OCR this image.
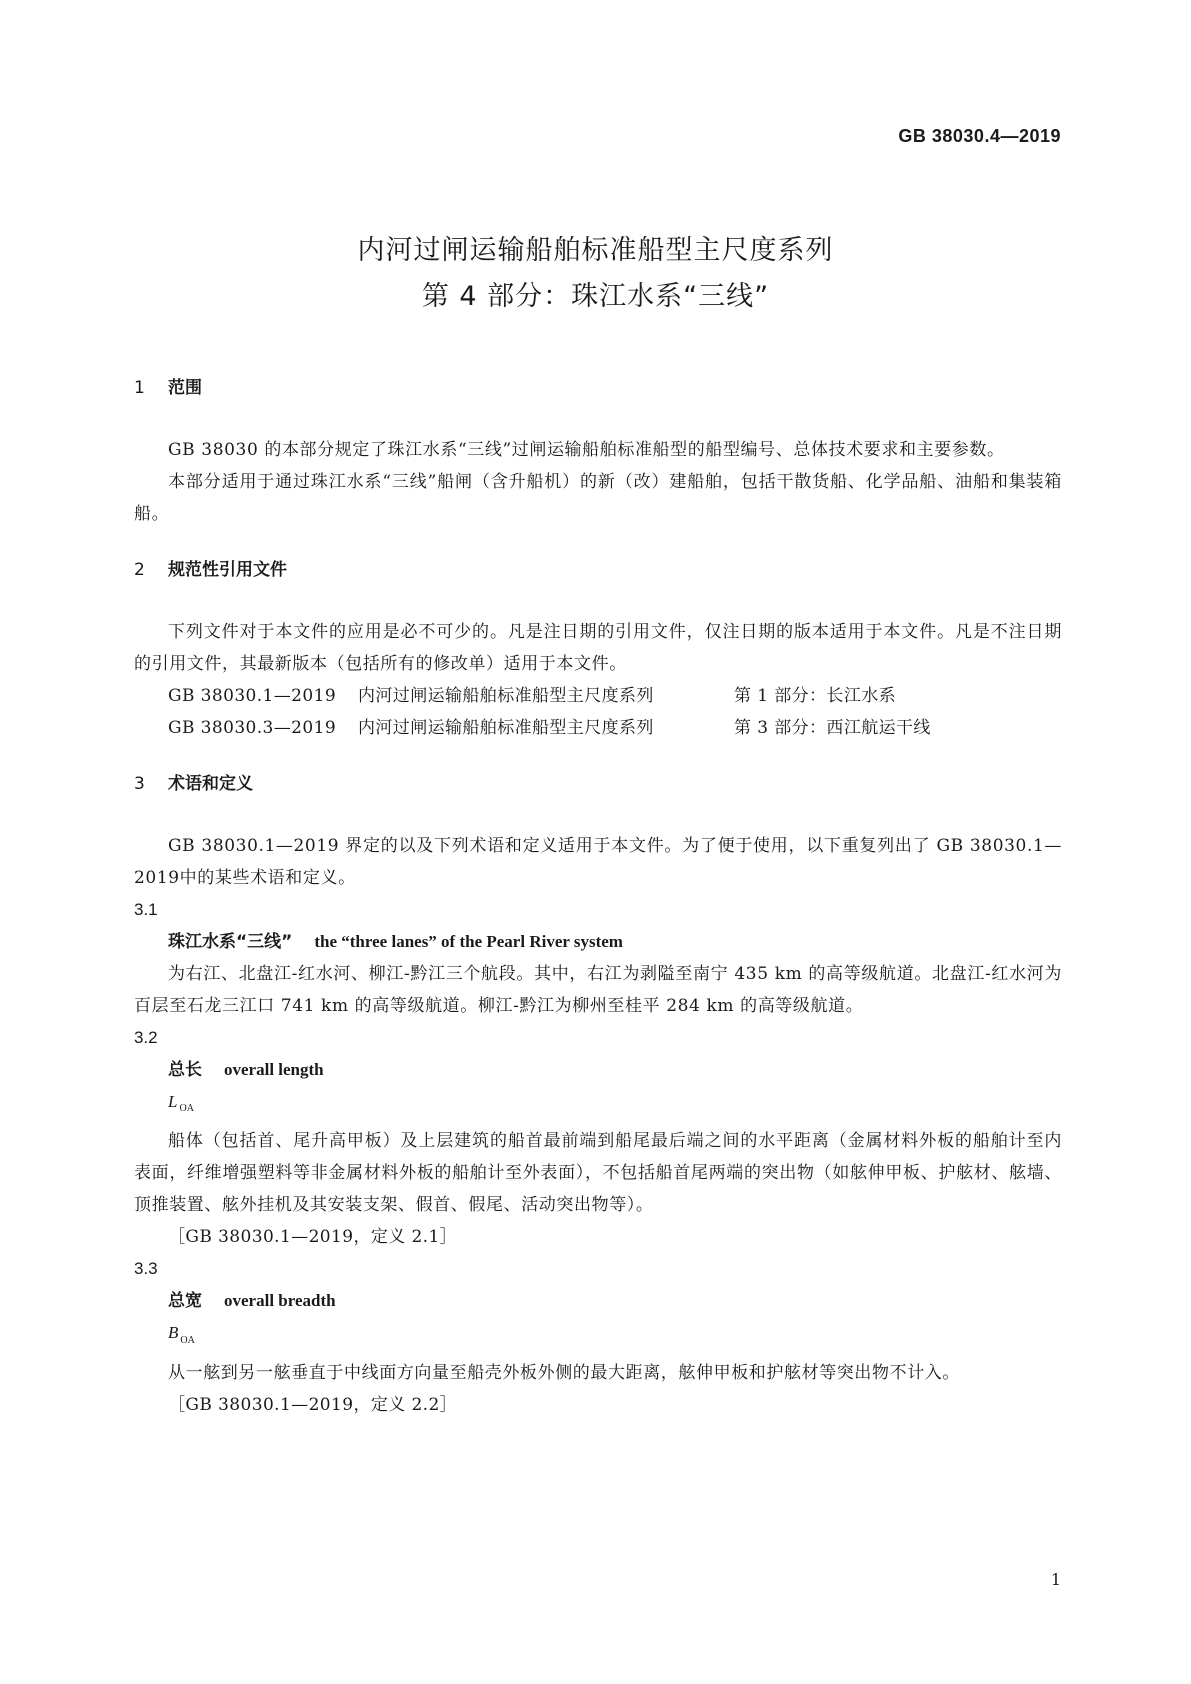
GB 38030.4—2019
内河过闸运输船舶标准船型主尺度系列
第 4 部分：珠江水系“三线”
1 范围

GB 38030 的本部分规定了珠江水系“三线”过闸运输船舶标准船型的船型编号、总体技术要求和主要参数。

本部分适用于通过珠江水系“三线”船闸（含升船机）的新（改）建船舶，包括干散货船、化学品船、油船和集装箱船。

2 规范性引用文件

下列文件对于本文件的应用是必不可少的。凡是注日期的引用文件，仅注日期的版本适用于本文件。凡是不注日期的引用文件，其最新版本（包括所有的修改单）适用于本文件。

GB 38030.1—2019 内河过闸运输船舶标准船型主尺度系列	第 1 部分：长江水系
GB 38030.3—2019 内河过闸运输船舶标准船型主尺度系列	第 3 部分：西江航运干线
3 术语和定义

GB 38030.1—2019 界定的以及下列术语和定义适用于本文件。为了便于使用，以下重复列出了 GB 38030.1—2019中的某些术语和定义。

3.1
珠江水系“三线” the “three lanes” of the Pearl River system

为右江、北盘江-红水河、柳江-黔江三个航段。其中，右江为剥隘至南宁 435 km 的高等级航道。北盘江-红水河为百层至石龙三江口 741 km 的高等级航道。柳江-黔江为柳州至桂平 284 km 的高等级航道。

3.2
总长 overall length
L $_{OA}$

船体（包括首、尾升高甲板）及上层建筑的船首最前端到船尾最后端之间的水平距离（金属材料外板的船舶计至内表面，纤维增强塑料等非金属材料外板的船舶计至外表面），不包括船首尾两端的突出物（如舷伸甲板、护舷材、舷墙、顶推装置、舷外挂机及其安装支架、假首、假尾、活动突出物等）。

［GB 38030.1—2019，定义 2.1］
3.3
总宽 overall breadth
B $_{OA}$

从一舷到另一舷垂直于中线面方向量至船壳外板外侧的最大距离，舷伸甲板和护舷材等突出物不计入。

［GB 38030.1—2019，定义 2.2］
1
